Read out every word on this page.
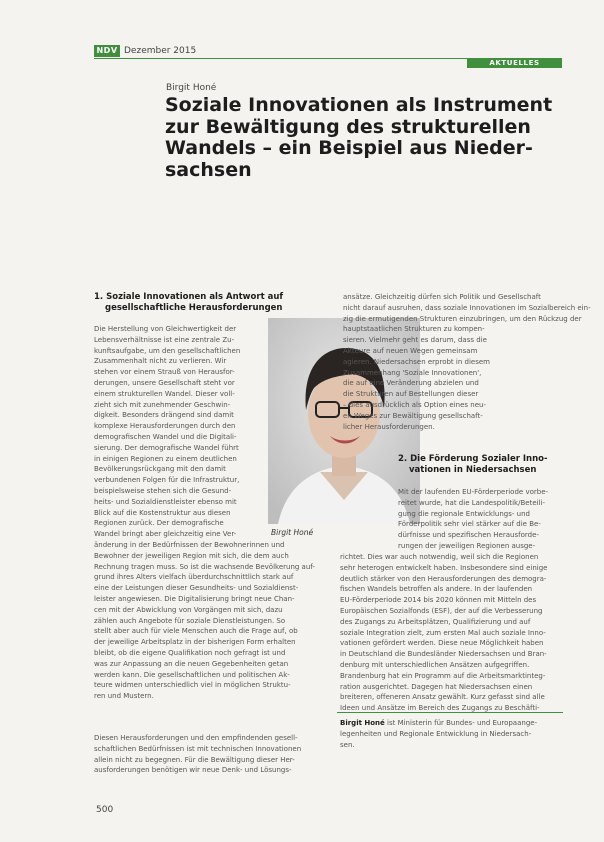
NDV Dezember 2015
AKTUELLES
Birgit Honé
Soziale Innovationen als Instrument
zur Bewältigung des strukturellen
Wandels – ein Beispiel aus Nieder-
sachsen
1. Soziale Innovationen als Antwort auf
gesellschaftliche Herausforderungen
Die Herstellung von Gleichwertigkeit der
Lebensverhältnisse ist eine zentrale Zu-
kunftsaufgabe, um den gesellschaftlichen
Zusammenhalt nicht zu verlieren. Wir
stehen vor einem Strauß von Herausfor-
derungen, unsere Gesellschaft steht vor
einem strukturellen Wandel. Dieser voll-
zieht sich mit zunehmender Geschwin-
digkeit. Besonders drängend sind damit
komplexe Herausforderungen durch den
demografischen Wandel und die Digitali-
sierung. Der demografische Wandel führt
in einigen Regionen zu einem deutlichen
Bevölkerungsrückgang mit den damit
verbundenen Folgen für die Infrastruktur,
beispielsweise stehen sich die Gesund-
heits- und Sozialdienstleister ebenso mit
Blick auf die Kostenstruktur aus diesen
Regionen zurück. Der demografische
Wandel bringt aber gleichzeitig eine Ver-
änderung in der Bedürfnissen der Bewohnerinnen und
Bewohner der jeweiligen Region mit sich, die dem auch
Rechnung tragen muss. So ist die wachsende Bevölkerung auf-
grund ihres Alters vielfach überdurchschnittlich stark auf
eine der Leistungen dieser Gesundheits- und Sozialdienst-
leister angewiesen. Die Digitalisierung bringt neue Chan-
cen mit der Abwicklung von Vorgängen mit sich, dazu
zählen auch Angebote für soziale Dienstleistungen. So
stellt aber auch für viele Menschen auch die Frage auf, ob
der jeweilige Arbeitsplatz in der bisherigen Form erhalten
bleibt, ob die eigene Qualifikation noch gefragt ist und
was zur Anpassung an die neuen Gegebenheiten getan
werden kann. Die gesellschaftlichen und politischen Ak-
teure widmen unterschiedlich viel in möglichen Struktu-
ren und Mustern.
Diesen Herausforderungen und den empfindenden gesell-
schaftlichen Bedürfnissen ist mit technischen Innovationen
allein nicht zu begegnen. Für die Bewältigung dieser Her-
ausforderungen benötigen wir neue Denk- und Lösungs-
Birgit Honé
ansätze. Gleichzeitig dürfen sich Politik und Gesellschaft
nicht darauf ausruhen, dass soziale Innovationen im Sozialbereich ein-
zig die ermutigenden Strukturen einzubringen, um den Rückzug der
hauptstaatlichen Strukturen zu kompen-
sieren. Vielmehr geht es darum, dass die
Akteure auf neuen Wegen gemeinsam
agieren. Niedersachsen erprobt in diesem
Zusammenhang 'Soziale Innovationen',
die auf eine Veränderung abzielen und
die Strukturen auf Bestellungen dieser
– dies ausdrücklich als Option eines neu-
en Weges zur Bewältigung gesellschaft-
licher Herausforderungen.
2. Die Förderung Sozialer Inno-
vationen in Niedersachsen
Mit der laufenden EU-Förderperiode vorbe-
reitet wurde, hat die Landespolitik/Beteili-
gung die regionale Entwicklungs- und
Förderpolitik sehr viel stärker auf die Be-
dürfnisse und spezifischen Herausforde-
rungen der jeweiligen Regionen ausge-
richtet. Dies war auch notwendig, weil sich die Regionen
sehr heterogen entwickelt haben. Insbesondere sind einige
deutlich stärker von den Herausforderungen des demogra-
fischen Wandels betroffen als andere. In der laufenden
EU-Förderperiode 2014 bis 2020 können mit Mitteln des
Europäischen Sozialfonds (ESF), der auf die Verbesserung
des Zugangs zu Arbeitsplätzen, Qualifizierung und auf
soziale Integration zielt, zum ersten Mal auch soziale Inno-
vationen gefördert werden. Diese neue Möglichkeit haben
in Deutschland die Bundesländer Niedersachsen und Bran-
denburg mit unterschiedlichen Ansätzen aufgegriffen.
Brandenburg hat ein Programm auf die Arbeitsmarktinteg-
ration ausgerichtet. Dagegen hat Niedersachsen einen
breiteren, offeneren Ansatz gewählt. Kurz gefasst sind alle
Ideen und Ansätze im Bereich des Zugangs zu Beschäfti-
Birgit Honé ist Ministerin für Bundes- und Europaange-
legenheiten und Regionale Entwicklung in Niedersach-
sen.
500
